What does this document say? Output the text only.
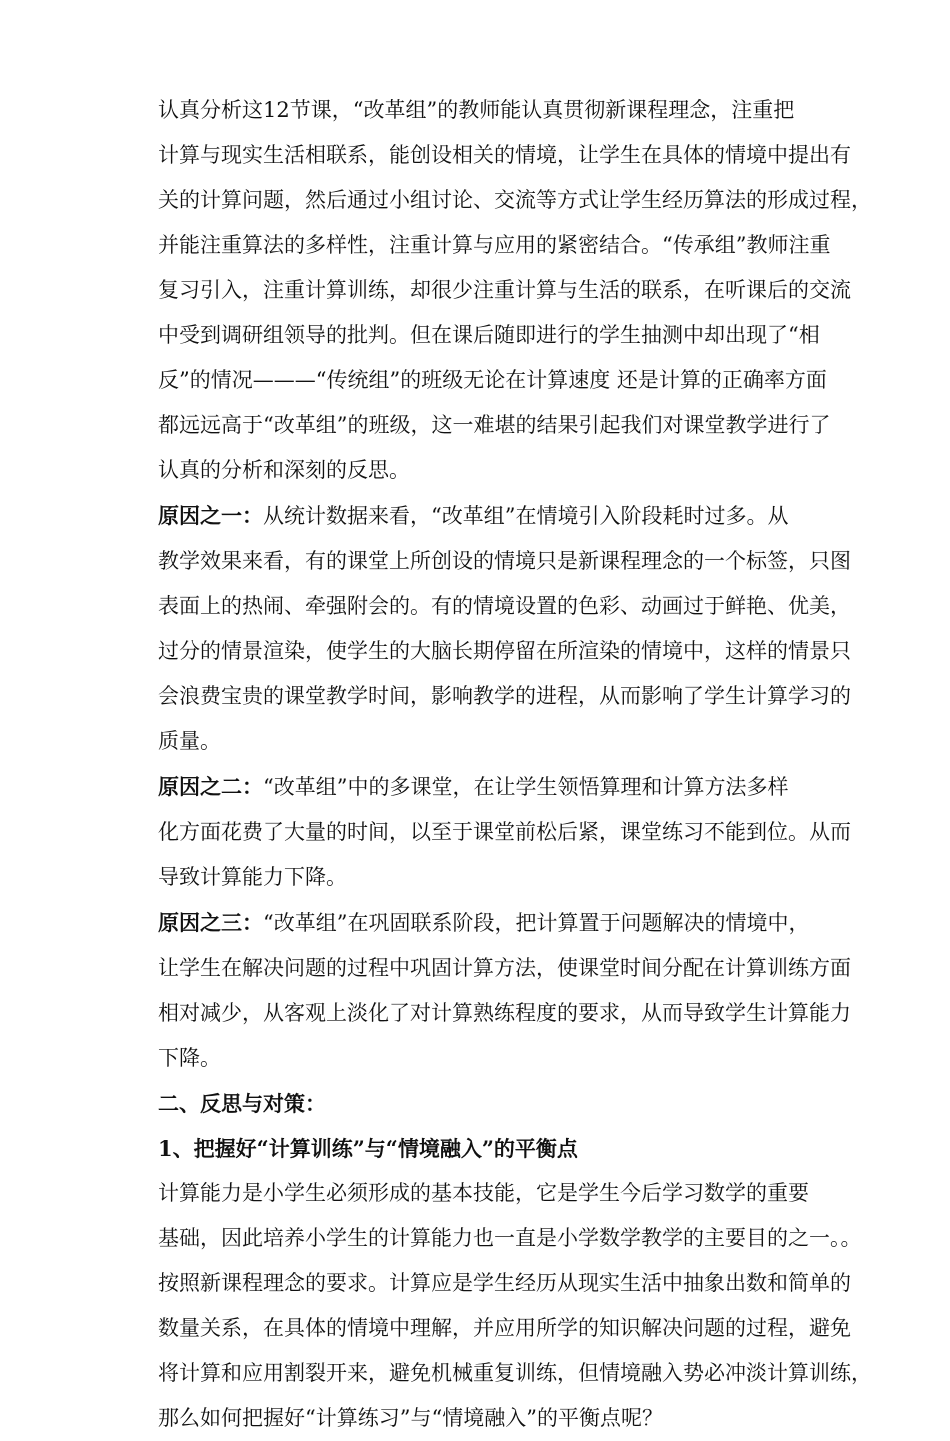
认真分析这12节课，“改革组”的教师能认真贯彻新课程理念，注重把
计算与现实生活相联系，能创设相关的情境，让学生在具体的情境中提出有
关的计算问题，然后通过小组讨论、交流等方式让学生经历算法的形成过程，
并能注重算法的多样性，注重计算与应用的紧密结合。“传承组”教师注重
复习引入，注重计算训练，却很少注重计算与生活的联系，在听课后的交流
中受到调研组领导的批判。但在课后随即进行的学生抽测中却出现了“相
反”的情况———“传统组”的班级无论在计算速度 还是计算的正确率方面
都远远高于“改革组”的班级，这一难堪的结果引起我们对课堂教学进行了
认真的分析和深刻的反思。
原因之一：从统计数据来看，“改革组”在情境引入阶段耗时过多。从
教学效果来看，有的课堂上所创设的情境只是新课程理念的一个标签，只图
表面上的热闹、牵强附会的。有的情境设置的色彩、动画过于鲜艳、优美，
过分的情景渲染，使学生的大脑长期停留在所渲染的情境中，这样的情景只
会浪费宝贵的课堂教学时间，影响教学的进程，从而影响了学生计算学习的
质量。
原因之二：“改革组”中的多课堂，在让学生领悟算理和计算方法多样
化方面花费了大量的时间，以至于课堂前松后紧，课堂练习不能到位。从而
导致计算能力下降。
原因之三：“改革组”在巩固联系阶段，把计算置于问题解决的情境中，
让学生在解决问题的过程中巩固计算方法，使课堂时间分配在计算训练方面
相对减少，从客观上淡化了对计算熟练程度的要求，从而导致学生计算能力
下降。
二、反思与对策：
1、把握好“计算训练”与“情境融入”的平衡点
计算能力是小学生必须形成的基本技能，它是学生今后学习数学的重要
基础，因此培养小学生的计算能力也一直是小学数学教学的主要目的之一。。
按照新课程理念的要求。计算应是学生经历从现实生活中抽象出数和简单的
数量关系，在具体的情境中理解，并应用所学的知识解决问题的过程，避免
将计算和应用割裂开来，避免机械重复训练，但情境融入势必冲淡计算训练，
那么如何把握好“计算练习”与“情境融入”的平衡点呢？
